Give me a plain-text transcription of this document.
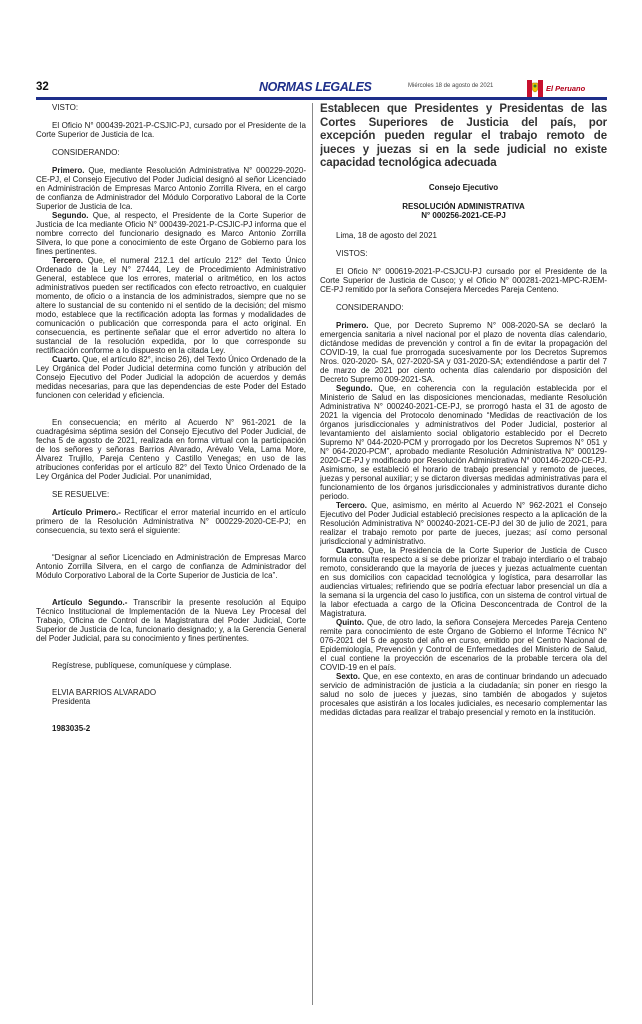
32	NORMAS LEGALES	Miércoles 18 de agosto de 2021	El Peruano

VISTO:

El Oficio N° 000439-2021-P-CSJIC-PJ, cursado por el Presidente de la Corte Superior de Justicia de Ica.

CONSIDERANDO:

Primero. Que, mediante Resolución Administrativa N° 000229-2020-CE-PJ, el Consejo Ejecutivo del Poder Judicial designó al señor Licenciado en Administración de Empresas Marco Antonio Zorrilla Rivera, en el cargo de confianza de Administrador del Módulo Corporativo Laboral de la Corte Superior de Justicia de Ica.

Segundo. Que, al respecto, el Presidente de la Corte Superior de Justicia de Ica mediante Oficio N° 000439-2021-P-CSJIC-PJ informa que el nombre correcto del funcionario designado es Marco Antonio Zorrilla Silvera, lo que pone a conocimiento de este Órgano de Gobierno para los fines pertinentes.

Tercero. Que, el numeral 212.1 del artículo 212° del Texto Único Ordenado de la Ley N° 27444, Ley de Procedimiento Administrativo General, establece que los errores, material o aritmético, en los actos administrativos pueden ser rectificados con efecto retroactivo, en cualquier momento, de oficio o a instancia de los administrados, siempre que no se altere lo sustancial de su contenido ni el sentido de la decisión; del mismo modo, establece que la rectificación adopta las formas y modalidades de comunicación o publicación que corresponda para el acto original. En consecuencia, es pertinente señalar que el error advertido no altera lo sustancial de la resolución expedida, por lo que corresponde su rectificación conforme a lo dispuesto en la citada Ley.

Cuarto. Que, el artículo 82°, inciso 26), del Texto Único Ordenado de la Ley Orgánica del Poder Judicial determina como función y atribución del Consejo Ejecutivo del Poder Judicial la adopción de acuerdos y demás medidas necesarias, para que las dependencias de este Poder del Estado funcionen con celeridad y eficiencia.

En consecuencia; en mérito al Acuerdo N° 961-2021 de la cuadragésima séptima sesión del Consejo Ejecutivo del Poder Judicial, de fecha 5 de agosto de 2021, realizada en forma virtual con la participación de los señores y señoras Barrios Alvarado, Arévalo Vela, Lama More, Álvarez Trujillo, Pareja Centeno y Castillo Venegas; en uso de las atribuciones conferidas por el artículo 82° del Texto Único Ordenado de la Ley Orgánica del Poder Judicial. Por unanimidad,

SE RESUELVE:

Artículo Primero.- Rectificar el error material incurrido en el artículo primero de la Resolución Administrativa N° 000229-2020-CE-PJ; en consecuencia, su texto será el siguiente:

“Designar al señor Licenciado en Administración de Empresas Marco Antonio Zorrilla Silvera, en el cargo de confianza de Administrador del Módulo Corporativo Laboral de la Corte Superior de Justicia de Ica”.

Artículo Segundo.- Transcribir la presente resolución al Equipo Técnico Institucional de Implementación de la Nueva Ley Procesal del Trabajo, Oficina de Control de la Magistratura del Poder Judicial, Corte Superior de Justicia de Ica, funcionario designado; y, a la Gerencia General del Poder Judicial, para su conocimiento y fines pertinentes.

Regístrese, publíquese, comuníquese y cúmplase.

ELVIA BARRIOS ALVARADO

Presidenta

1983035-2

Establecen que Presidentes y Presidentas de las Cortes Superiores de Justicia del país, por excepción pueden regular el trabajo remoto de jueces y juezas si en la sede judicial no existe capacidad tecnológica adecuada

Consejo Ejecutivo

RESOLUCIÓN ADMINISTRATIVA

N° 000256-2021-CE-PJ

Lima, 18 de agosto del 2021

VISTOS:

El Oficio N° 000619-2021-P-CSJCU-PJ cursado por el Presidente de la Corte Superior de Justicia de Cusco; y el Oficio N° 000281-2021-MPC-RJEM-CE-PJ remitido por la señora Consejera Mercedes Pareja Centeno.

CONSIDERANDO:

Primero. Que, por Decreto Supremo N° 008-2020-SA se declaró la emergencia sanitaria a nivel nacional por el plazo de noventa días calendario, dictándose medidas de prevención y control a fin de evitar la propagación del COVID-19, la cual fue prorrogada sucesivamente por los Decretos Supremos Nros. 020-2020- SA, 027-2020-SA y 031-2020-SA; extendiéndose a partir del 7 de marzo de 2021 por ciento ochenta días calendario por disposición del Decreto Supremo 009-2021-SA.

Segundo. Que, en coherencia con la regulación establecida por el Ministerio de Salud en las disposiciones mencionadas, mediante Resolución Administrativa N° 000240-2021-CE-PJ, se prorrogó hasta el 31 de agosto de 2021 la vigencia del Protocolo denominado “Medidas de reactivación de los órganos jurisdiccionales y administrativos del Poder Judicial, posterior al levantamiento del aislamiento social obligatorio establecido por el Decreto Supremo N° 044-2020-PCM y prorrogado por los Decretos Supremos N° 051 y N° 064-2020-PCM”, aprobado mediante Resolución Administrativa N° 000129-2020-CE-PJ y modificado por Resolución Administrativa N° 000146-2020-CE-PJ. Asimismo, se estableció el horario de trabajo presencial y remoto de jueces, juezas y personal auxiliar; y se dictaron diversas medidas administrativas para el funcionamiento de los órganos jurisdiccionales y administrativos durante dicho periodo.

Tercero. Que, asimismo, en mérito al Acuerdo N° 962-2021 el Consejo Ejecutivo del Poder Judicial estableció precisiones respecto a la aplicación de la Resolución Administrativa N° 000240-2021-CE-PJ del 30 de julio de 2021, para realizar el trabajo remoto por parte de jueces, juezas; así como personal jurisdiccional y administrativo.

Cuarto. Que, la Presidencia de la Corte Superior de Justicia de Cusco formula consulta respecto a si se debe priorizar el trabajo interdiario o el trabajo remoto, considerando que la mayoría de jueces y juezas actualmente cuentan en sus domicilios con capacidad tecnológica y logística, para desarrollar las audiencias virtuales; refiriendo que se podría efectuar labor presencial un día a la semana si la urgencia del caso lo justifica, con un sistema de control virtual de la labor efectuada a cargo de la Oficina Desconcentrada de Control de la Magistratura.

Quinto. Que, de otro lado, la señora Consejera Mercedes Pareja Centeno remite para conocimiento de este Órgano de Gobierno el Informe Técnico N° 076-2021 del 5 de agosto del año en curso, emitido por el Centro Nacional de Epidemiología, Prevención y Control de Enfermedades del Ministerio de Salud, el cual contiene la proyección de escenarios de la probable tercera ola del COVID-19 en el país.

Sexto. Que, en ese contexto, en aras de continuar brindando un adecuado servicio de administración de justicia a la ciudadanía; sin poner en riesgo la salud no solo de jueces y juezas, sino también de abogados y sujetos procesales que asistirán a los locales judiciales, es necesario complementar las medidas dictadas para realizar el trabajo presencial y remoto en la institución.
